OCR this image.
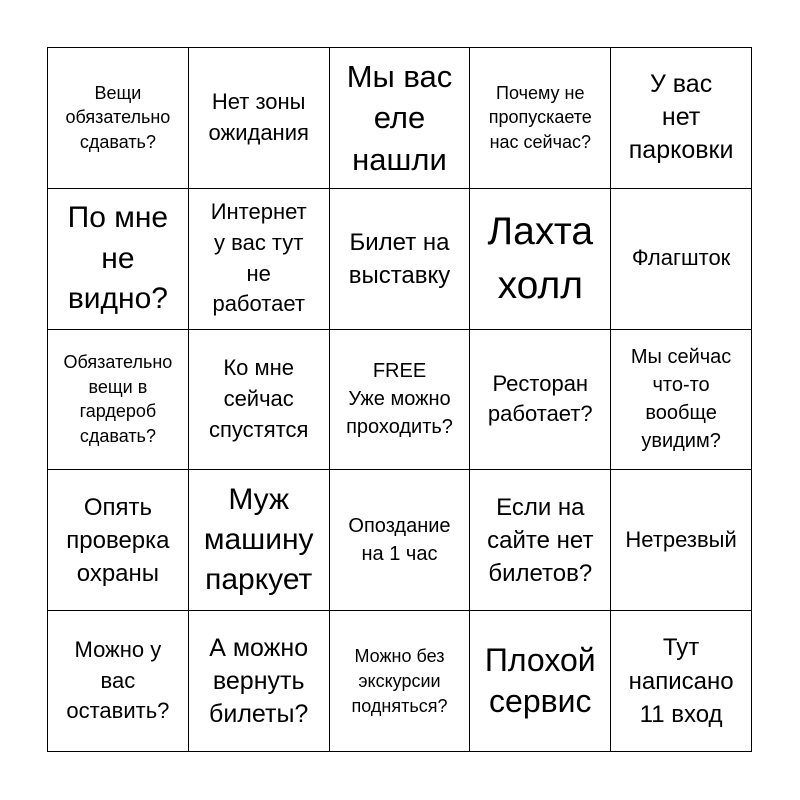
Вещи
обязательно
сдавать?
Нет зоны
ожидания
Мы вас
еле
нашли
Почему не
пропускаете
нас сейчас?
У вас
нет
парковки
По мне
не
видно?
Интернет
у вас тут
не
работает
Билет на
выставку
Лахта
холл
Флагшток
Обязательно
вещи в
гардероб
сдавать?
Ко мне
сейчас
спустятся
FREE
Уже можно
проходить?
Ресторан
работает?
Мы сейчас
что-то
вообще
увидим?
Опять
проверка
охраны
Муж
машину
паркует
Опоздание
на 1 час
Если на
сайте нет
билетов?
Нетрезвый
Можно у
вас
оставить?
А можно
вернуть
билеты?
Можно без
экскурсии
подняться?
Плохой
сервис
Тут
написано
11 вход
